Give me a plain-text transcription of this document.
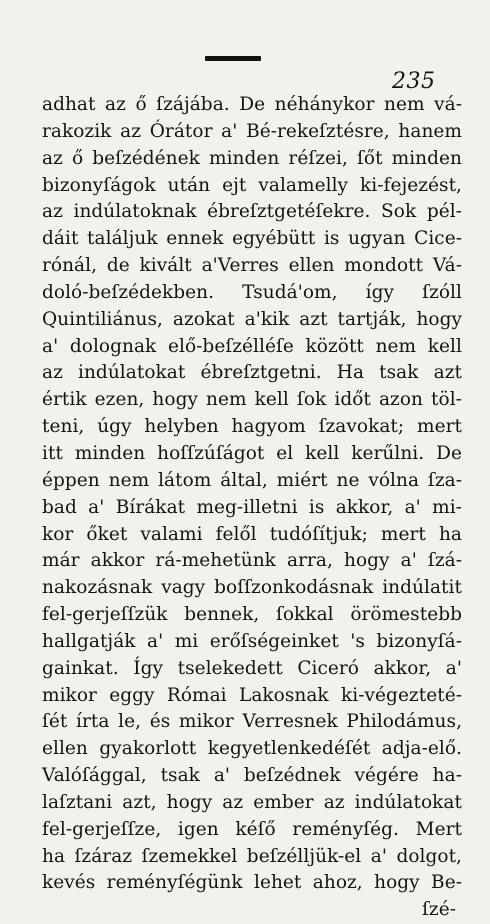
235
adhat az ő ſzájába. De néhánykor nem vá-
rakozik az Órátor a' Bé-rekeſztésre, hanem
az ő beſzédének minden réſzei, ſőt minden
bizonyſágok után ejt valamelly ki-fejezést,
az indúlatoknak ébreſztgetéſekre. Sok pél-
dáit találjuk ennek egyébütt is ugyan Cice-
rónál, de kivált a'Verres ellen mondott Vá-
doló-beſzédekben. Tsudá'om, így ſzóll
Quintiliánus, azokat a'kik azt tartják, hogy
a' dolognak elő-beſzélléſe között nem kell
az indúlatokat ébreſztgetni. Ha tsak azt
értik ezen, hogy nem kell ſok időt azon töl-
teni, úgy helyben hagyom ſzavokat; mert
itt minden hoſſzúſágot el kell kerűlni. De
éppen nem látom által, miért ne vólna ſza-
bad a' Bírákat meg-illetni is akkor, a' mi-
kor őket valami felől tudóſítjuk; mert ha
már akkor rá-mehetünk arra, hogy a' ſzá-
nakozásnak vagy boſſzonkodásnak indúlatit
fel-gerjeſſzük bennek, ſokkal örömestebb
hallgatják a' mi erőſségeinket 's bizonyſá-
gainkat. Így tselekedett Ciceró akkor, a'
mikor eggy Római Lakosnak ki-végezteté-
ſét írta le, és mikor Verresnek Philodámus,
ellen gyakorlott kegyetlenkedéſét adja-elő.
Valóſággal, tsak a' beſzédnek végére ha-
laſztani azt, hogy az ember az indúlatokat
fel-gerjeſſze, igen kéſő reményſég. Mert
ha ſzáraz ſzemekkel beſzélljük-el a' dolgot,
kevés reményſégünk lehet ahoz, hogy Be-
ſzé-
